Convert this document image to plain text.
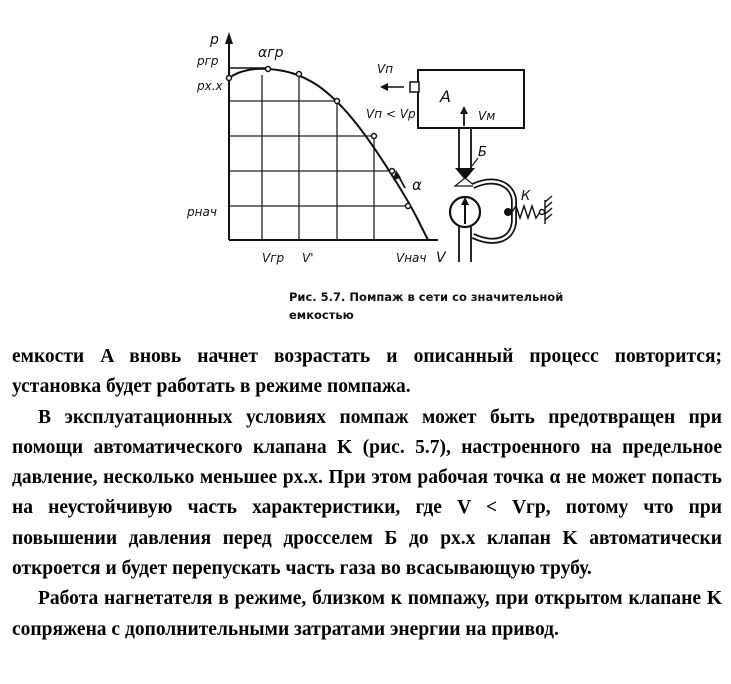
p
αгр
pгр
pх.х
pнач
Vгр V'	Vнач V
α
A
Vп
Vп < Vр	Vм
Б
К
Рис. 5.7. Помпаж в сети со значительной емкостью

емкости A вновь начнет возрастать и описанный процесс повторится; установка будет работать в режиме помпажа.

В эксплуатационных условиях помпаж может быть предотвращен при помощи автоматического клапана K (рис. 5.7), настроенного на предельное давление, несколько меньшее pх.х. При этом рабочая точка α не может попасть на неустойчивую часть характеристики, где V < Vгр, потому что при повышении давления перед дросселем Б до pх.х клапан K автоматически откроется и будет перепускать часть газа во всасывающую трубу.

Работа нагнетателя в режиме, близком к помпажу, при открытом клапане K сопряжена с дополнительными затратами энергии на привод.
